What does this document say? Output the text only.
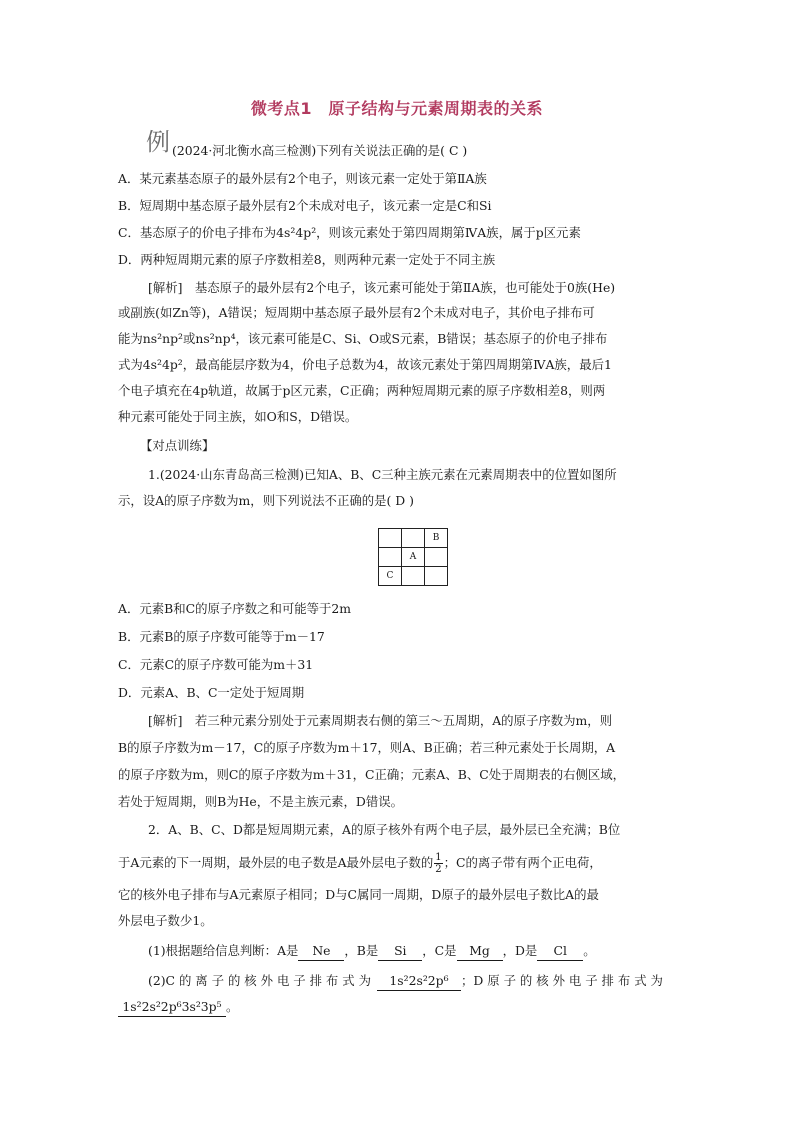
微考点1　原子结构与元素周期表的关系
例 (2024·河北衡水高三检测)下列有关说法正确的是( C )
A．某元素基态原子的最外层有2个电子，则该元素一定处于第ⅡA族
B．短周期中基态原子最外层有2个未成对电子，该元素一定是C和Si
C．基态原子的价电子排布为4s²4p²，则该元素处于第四周期第ⅣA族，属于p区元素
D．两种短周期元素的原子序数相差8，则两种元素一定处于不同主族
[解析]　基态原子的最外层有2个电子，该元素可能处于第ⅡA族，也可能处于0族(He)
或副族(如Zn等)，A错误；短周期中基态原子最外层有2个未成对电子，其价电子排布可
能为ns²np²或ns²np⁴，该元素可能是C、Si、O或S元素，B错误；基态原子的价电子排布
式为4s²4p²，最高能层序数为4，价电子总数为4，故该元素处于第四周期第ⅣA族，最后1
个电子填充在4p轨道，故属于p区元素，C正确；两种短周期元素的原子序数相差8，则两
种元素可能处于同主族，如O和S，D错误。
【对点训练】
1.(2024·山东青岛高三检测)已知A、B、C三种主族元素在元素周期表中的位置如图所
示，设A的原子序数为m，则下列说法不正确的是( D )
		B
	A	
C		
A．元素B和C的原子序数之和可能等于2m
B．元素B的原子序数可能等于m－17
C．元素C的原子序数可能为m＋31
D．元素A、B、C一定处于短周期
[解析]　若三种元素分别处于元素周期表右侧的第三～五周期，A的原子序数为m，则
B的原子序数为m－17，C的原子序数为m＋17，则A、B正确；若三种元素处于长周期，A
的原子序数为m，则C的原子序数为m＋31，C正确；元素A、B、C处于周期表的右侧区域，
若处于短周期，则B为He，不是主族元素，D错误。
2．A、B、C、D都是短周期元素，A的原子核外有两个电子层，最外层已全充满；B位
于A元素的下一周期，最外层的电子数是A最外层电子数的 $\frac{1}{2}$ ；C的离子带有两个正电荷，
它的核外电子排布与A元素原子相同；D与C属同一周期，D原子的最外层电子数比A的最
外层电子数少1。
(1)根据题给信息判断：A是 Ne ，B是 Si ，C是 Mg ，D是 Cl 。
(2)C 的 离 子 的 核 外 电 子 排 布 式 为 1s²2s²2p⁶ ；D 原 子 的 核 外 电 子 排 布 式 为
1s²2s²2p⁶3s²3p⁵ 。
